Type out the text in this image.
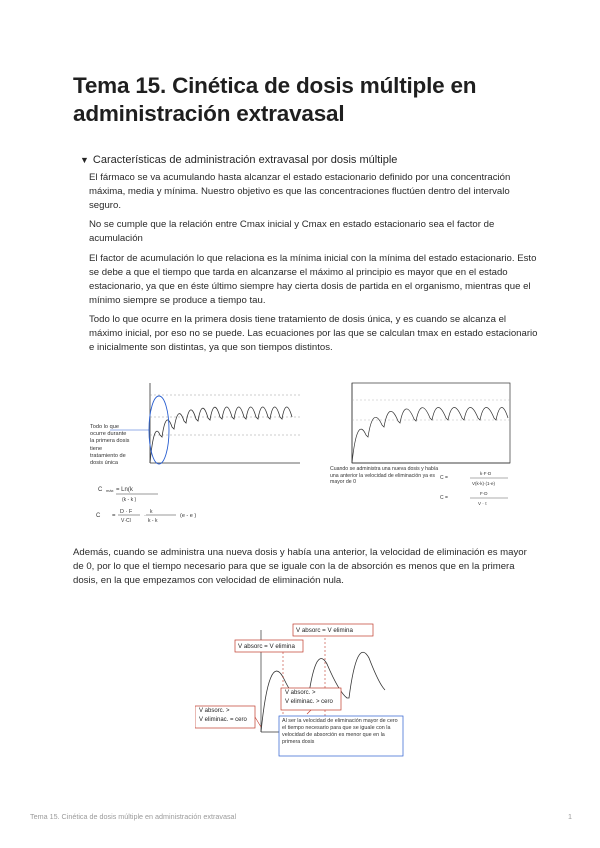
Tema 15. Cinética de dosis múltiple en administración extravasal
▼ Características de administración extravasal por dosis múltiple

El fármaco se va acumulando hasta alcanzar el estado estacionario definido por una concentración máxima, media y mínima. Nuestro objetivo es que las concentraciones fluctúen dentro del intervalo seguro.

No se cumple que la relación entre Cmax inicial y Cmax en estado estacionario sea el factor de acumulación

El factor de acumulación lo que relaciona es la mínima inicial con la mínima del estado estacionario. Esto se debe a que el tiempo que tarda en alcanzarse el máximo al principio es mayor que en el estado estacionario, ya que en éste último siempre hay cierta dosis de partida en el organismo, mientras que el mínimo siempre se produce a tiempo tau.

Todo lo que ocurre en la primera dosis tiene tratamiento de dosis única, y es cuando se alcanza el máximo inicial, por eso no se puede. Las ecuaciones por las que se calculan tmax en estado estacionario e inicialmente son distintas, ya que son tiempos distintos.

C máx = Ln(k
(k - k )
C =
D · F
V·Cl
·
k
k - k
(e - e )
Todo lo que ocurre durante la primera dosis tiene tratamiento de dosis única
C =
C =
k·F·D
V(k-k)·(1-e)
F·D
V · τ
Cuando se administra una nueva dosis y había una anterior la velocidad de eliminación ya es mayor de 0

Además, cuando se administra una nueva dosis y había una anterior, la velocidad de eliminación es mayor de 0, por lo que el tiempo necesario para que se iguale con la de absorción es menos que en la primera dosis, en la que empezamos con velocidad de eliminación nula.

V absorc = V elimina
V absorc = V elimina
V absorc. >
V eliminac. = cero
V absorc. >
V eliminac. > cero
Al ser la velocidad de eliminación mayor de cero el tiempo necesario para que se iguale con la velocidad de absorción es menor que en la primera dosis
Tema 15. Cinética de dosis múltiple en administración extravasal	1
